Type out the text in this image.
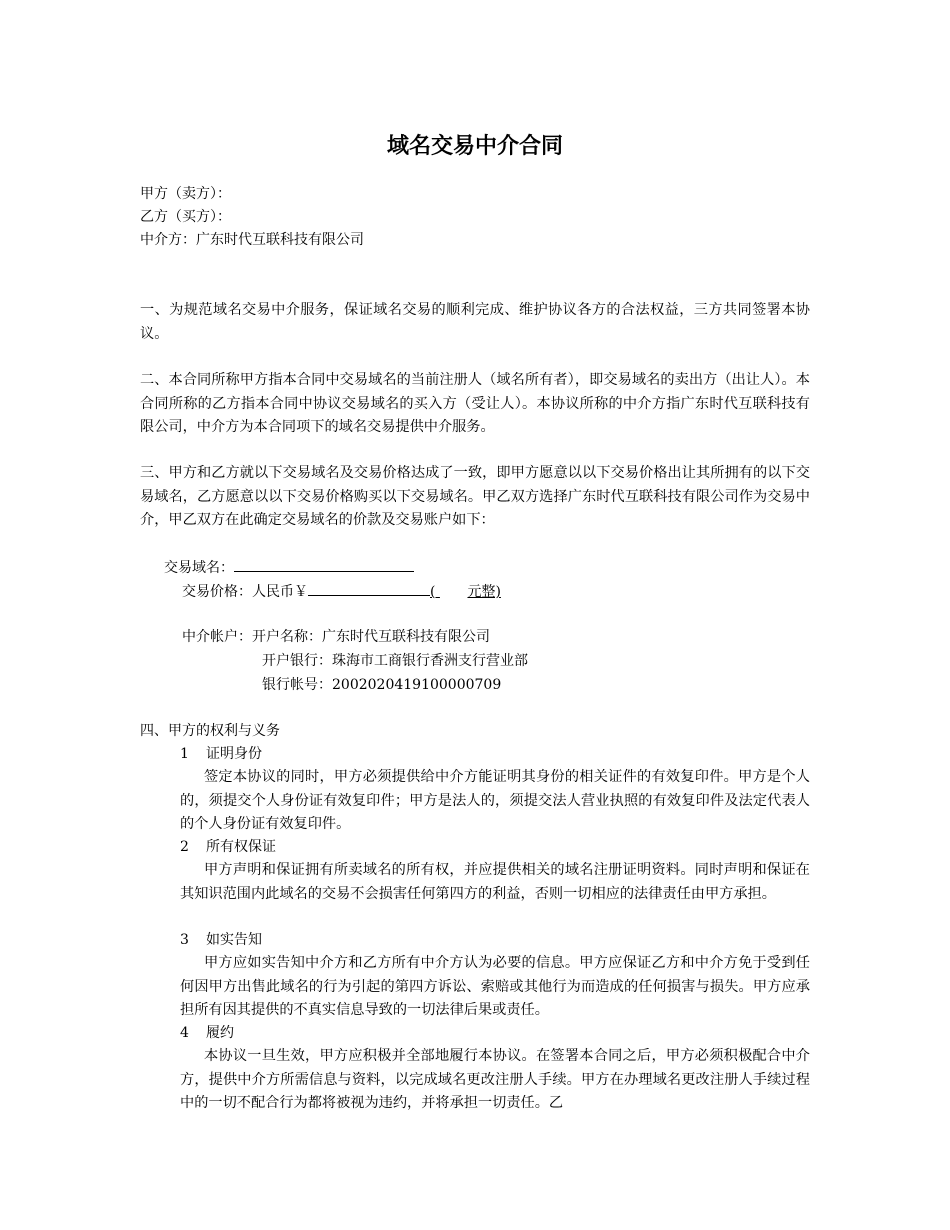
域名交易中介合同
甲方（卖方）：
乙方（买方）：
中介方：广东时代互联科技有限公司
一、为规范域名交易中介服务，保证域名交易的顺利完成、维护协议各方的合法权益，三方共同签署本协议。
二、本合同所称甲方指本合同中交易域名的当前注册人（域名所有者），即交易域名的卖出方（出让人）。本合同所称的乙方指本合同中协议交易域名的买入方（受让人）。本协议所称的中介方指广东时代互联科技有限公司，中介方为本合同项下的域名交易提供中介服务。
三、甲方和乙方就以下交易域名及交易价格达成了一致，即甲方愿意以以下交易价格出让其所拥有的以下交易域名，乙方愿意以以下交易价格购买以下交易域名。甲乙双方选择广东时代互联科技有限公司作为交易中介，甲乙双方在此确定交易域名的价款及交易账户如下：
交易域名：
交易价格：人民币￥	( 元整)
中介帐户：开户名称：广东时代互联科技有限公司
开户银行：珠海市工商银行香洲支行营业部
银行帐号：2002020419100000709
四、甲方的权利与义务
1 证明身份
签定本协议的同时，甲方必须提供给中介方能证明其身份的相关证件的有效复印件。甲方是个人的，须提交个人身份证有效复印件；甲方是法人的，须提交法人营业执照的有效复印件及法定代表人的个人身份证有效复印件。
2 所有权保证
甲方声明和保证拥有所卖域名的所有权，并应提供相关的域名注册证明资料。同时声明和保证在其知识范围内此域名的交易不会损害任何第四方的利益，否则一切相应的法律责任由甲方承担。
3 如实告知
甲方应如实告知中介方和乙方所有中介方认为必要的信息。甲方应保证乙方和中介方免于受到任何因甲方出售此域名的行为引起的第四方诉讼、索赔或其他行为而造成的任何损害与损失。甲方应承担所有因其提供的不真实信息导致的一切法律后果或责任。
4 履约
本协议一旦生效，甲方应积极并全部地履行本协议。在签署本合同之后，甲方必须积极配合中介方，提供中介方所需信息与资料，以完成域名更改注册人手续。甲方在办理域名更改注册人手续过程中的一切不配合行为都将被视为违约，并将承担一切责任。乙
